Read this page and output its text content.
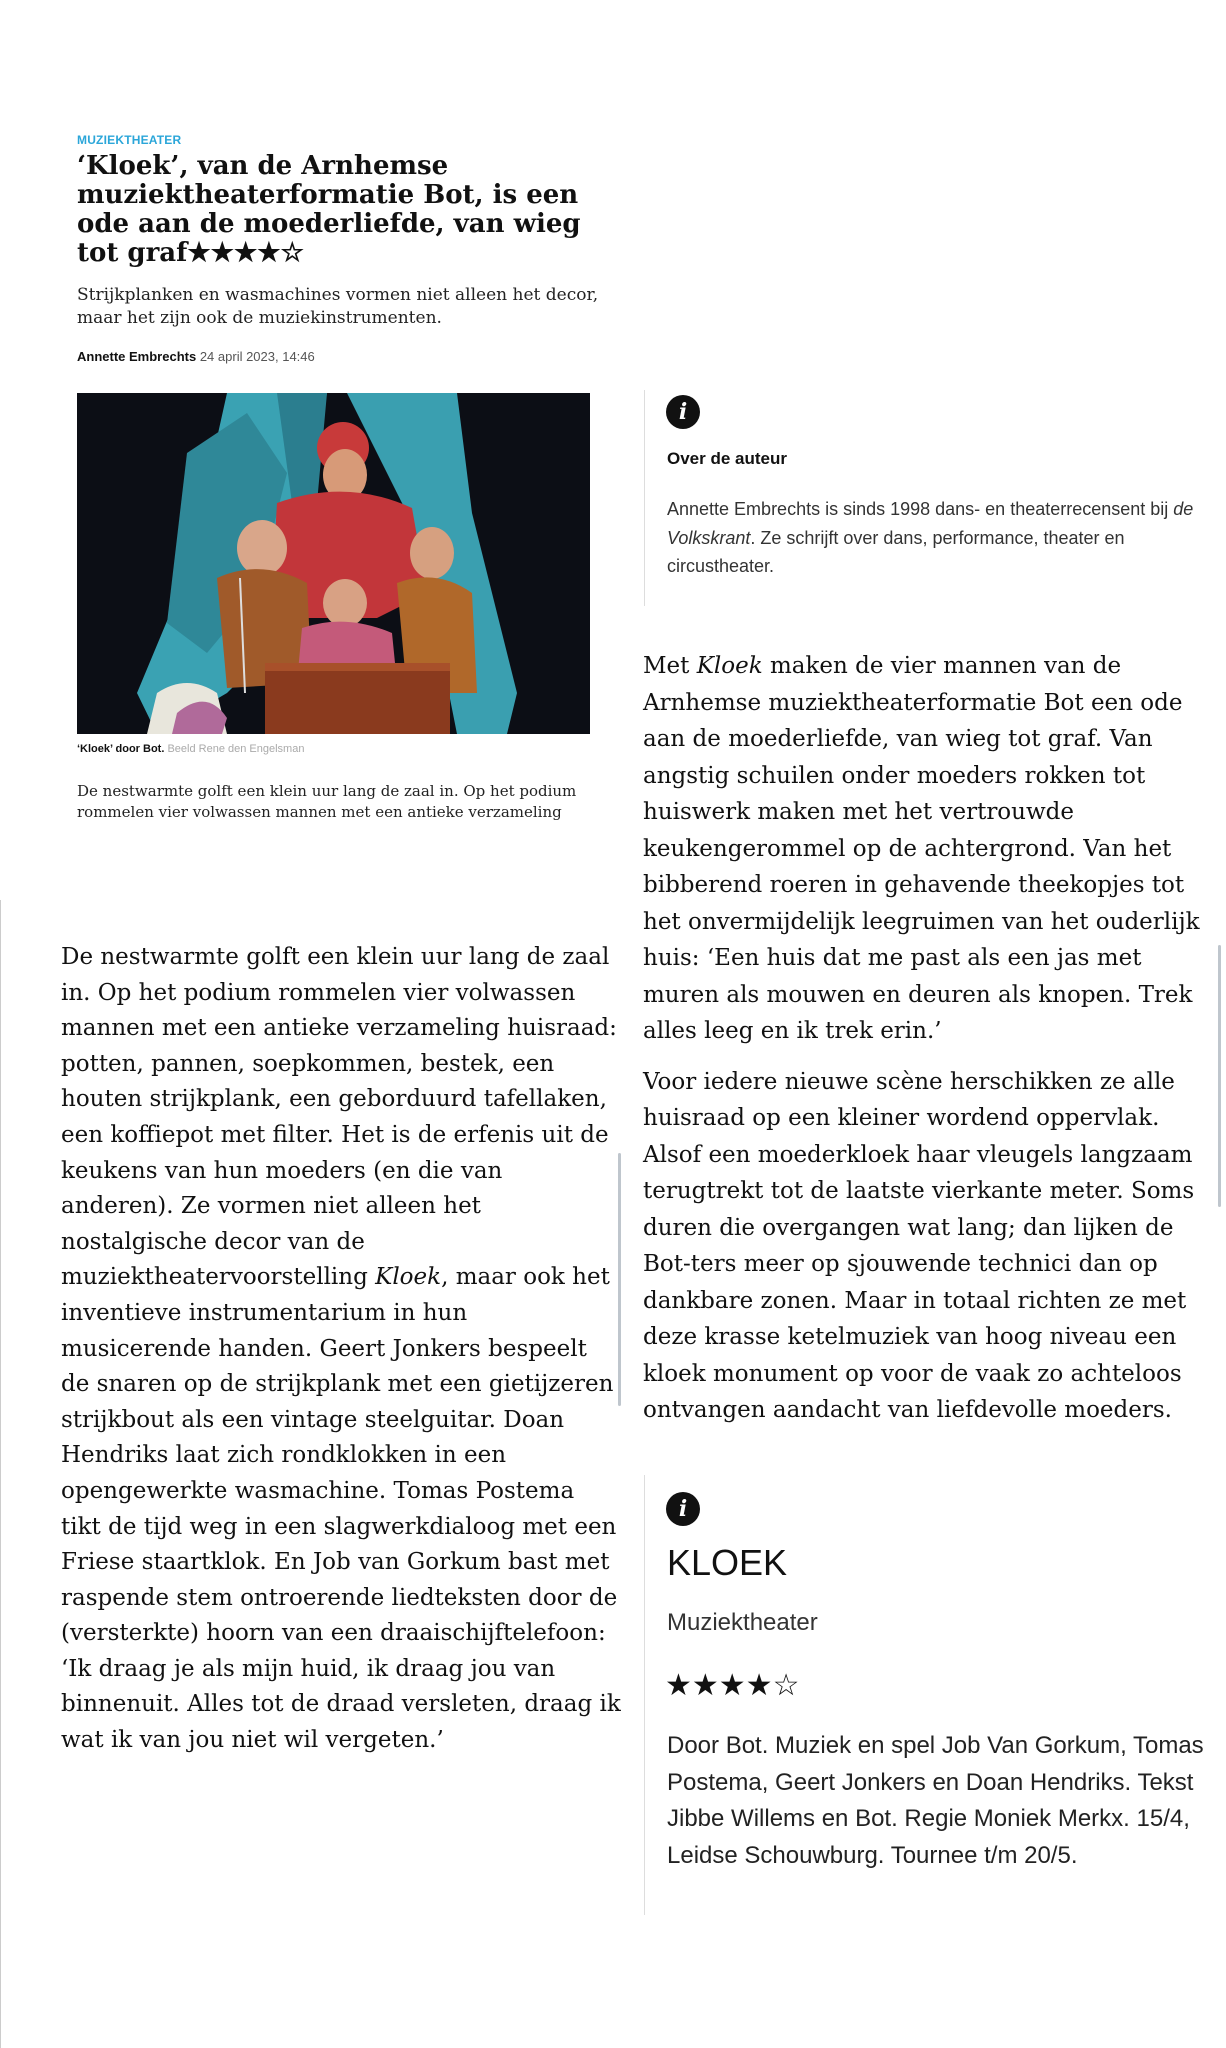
MUZIEKTHEATER
‘Kloek’, van de Arnhemse muziektheaterformatie Bot, is een ode aan de moederliefde, van wieg tot graf★★★★☆
Strijkplanken en wasmachines vormen niet alleen het decor, maar het zijn ook de muziekinstrumenten.
Annette Embrechts 24 april 2023, 14:46
‘Kloek’ door Bot. Beeld Rene den Engelsman
De nestwarmte golft een klein uur lang de zaal in. Op het podium rommelen vier volwassen mannen met een antieke verzameling
i
Over de auteur
Annette Embrechts is sinds 1998 dans- en theaterrecensent bij de Volkskrant. Ze schrijft over dans, performance, theater en circustheater.

Met Kloek maken de vier mannen van de Arnhemse muziektheaterformatie Bot een ode aan de moederliefde, van wieg tot graf. Van angstig schuilen onder moeders rokken tot huiswerk maken met het vertrouwde keukengerommel op de achtergrond. Van het bibberend roeren in gehavende theekopjes tot het onvermijdelijk leegruimen van het ouderlijk huis: ‘Een huis dat me past als een jas met muren als mouwen en deuren als knopen. Trek alles leeg en ik trek erin.’

Voor iedere nieuwe scène herschikken ze alle huisraad op een kleiner wordend oppervlak. Alsof een moederkloek haar vleugels langzaam terugtrekt tot de laatste vierkante meter. Soms duren die overgangen wat lang; dan lijken de Bot-ters meer op sjouwende technici dan op dankbare zonen. Maar in totaal richten ze met deze krasse ketelmuziek van hoog niveau een kloek monument op voor de vaak zo achteloos ontvangen aandacht van liefdevolle moeders.

De nestwarmte golft een klein uur lang de zaal in. Op het podium rommelen vier volwassen mannen met een antieke verzameling huisraad: potten, pannen, soepkommen, bestek, een houten strijkplank, een geborduurd tafellaken, een koffiepot met filter. Het is de erfenis uit de keukens van hun moeders (en die van anderen). Ze vormen niet alleen het nostalgische decor van de muziektheatervoorstelling Kloek, maar ook het inventieve instrumentarium in hun musicerende handen. Geert Jonkers bespeelt de snaren op de strijkplank met een gietijzeren strijkbout als een vintage steelguitar. Doan Hendriks laat zich rondklokken in een opengewerkte wasmachine. Tomas Postema tikt de tijd weg in een slagwerkdialoog met een Friese staartklok. En Job van Gorkum bast met raspende stem ontroerende liedteksten door de (versterkte) hoorn van een draaischijftelefoon: ‘Ik draag je als mijn huid, ik draag jou van binnenuit. Alles tot de draad versleten, draag ik wat ik van jou niet wil vergeten.’
i
KLOEK
Muziektheater
★★★★☆
Door Bot. Muziek en spel Job Van Gorkum, Tomas Postema, Geert Jonkers en Doan Hendriks. Tekst Jibbe Willems en Bot. Regie Moniek Merkx. 15/4, Leidse Schouwburg. Tournee t/m 20/5.
